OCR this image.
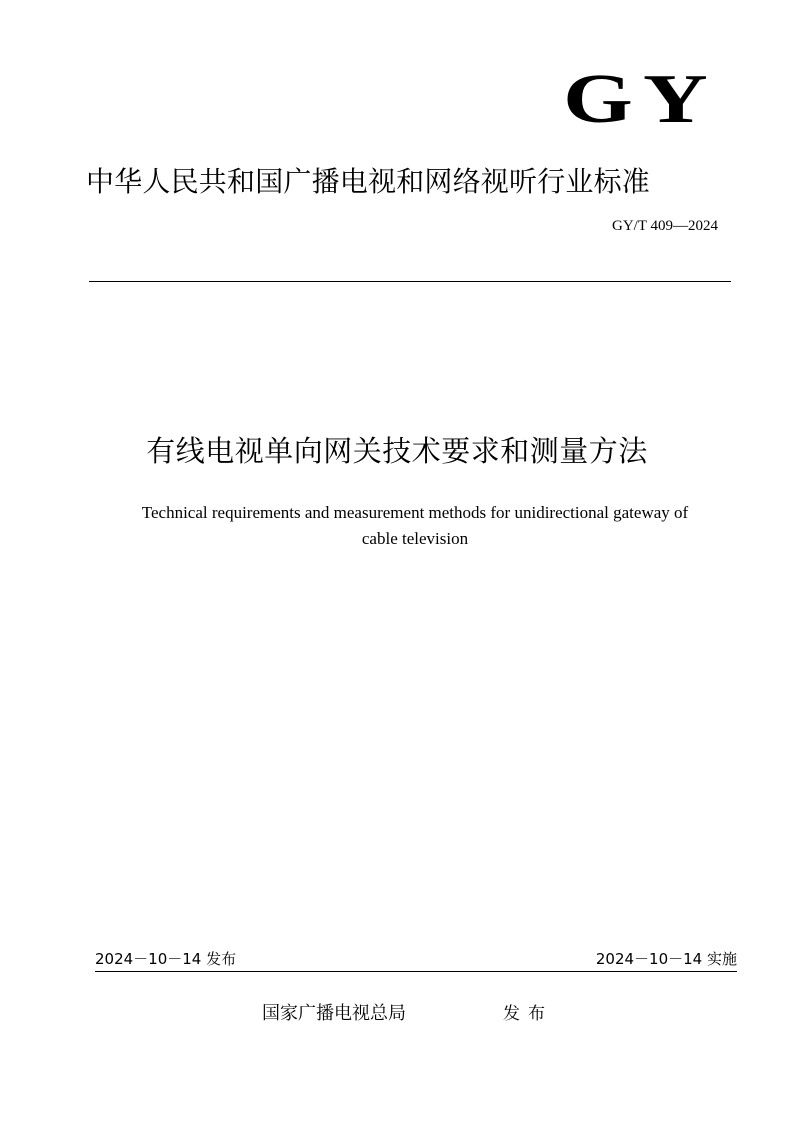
GY
中华人民共和国广播电视和网络视听行业标准
GY/T 409—2024
有线电视单向网关技术要求和测量方法
Technical requirements and measurement methods for unidirectional gateway of
cable television
2024－10－14 发布	2024－10－14 实施
国家广播电视总局	发布
